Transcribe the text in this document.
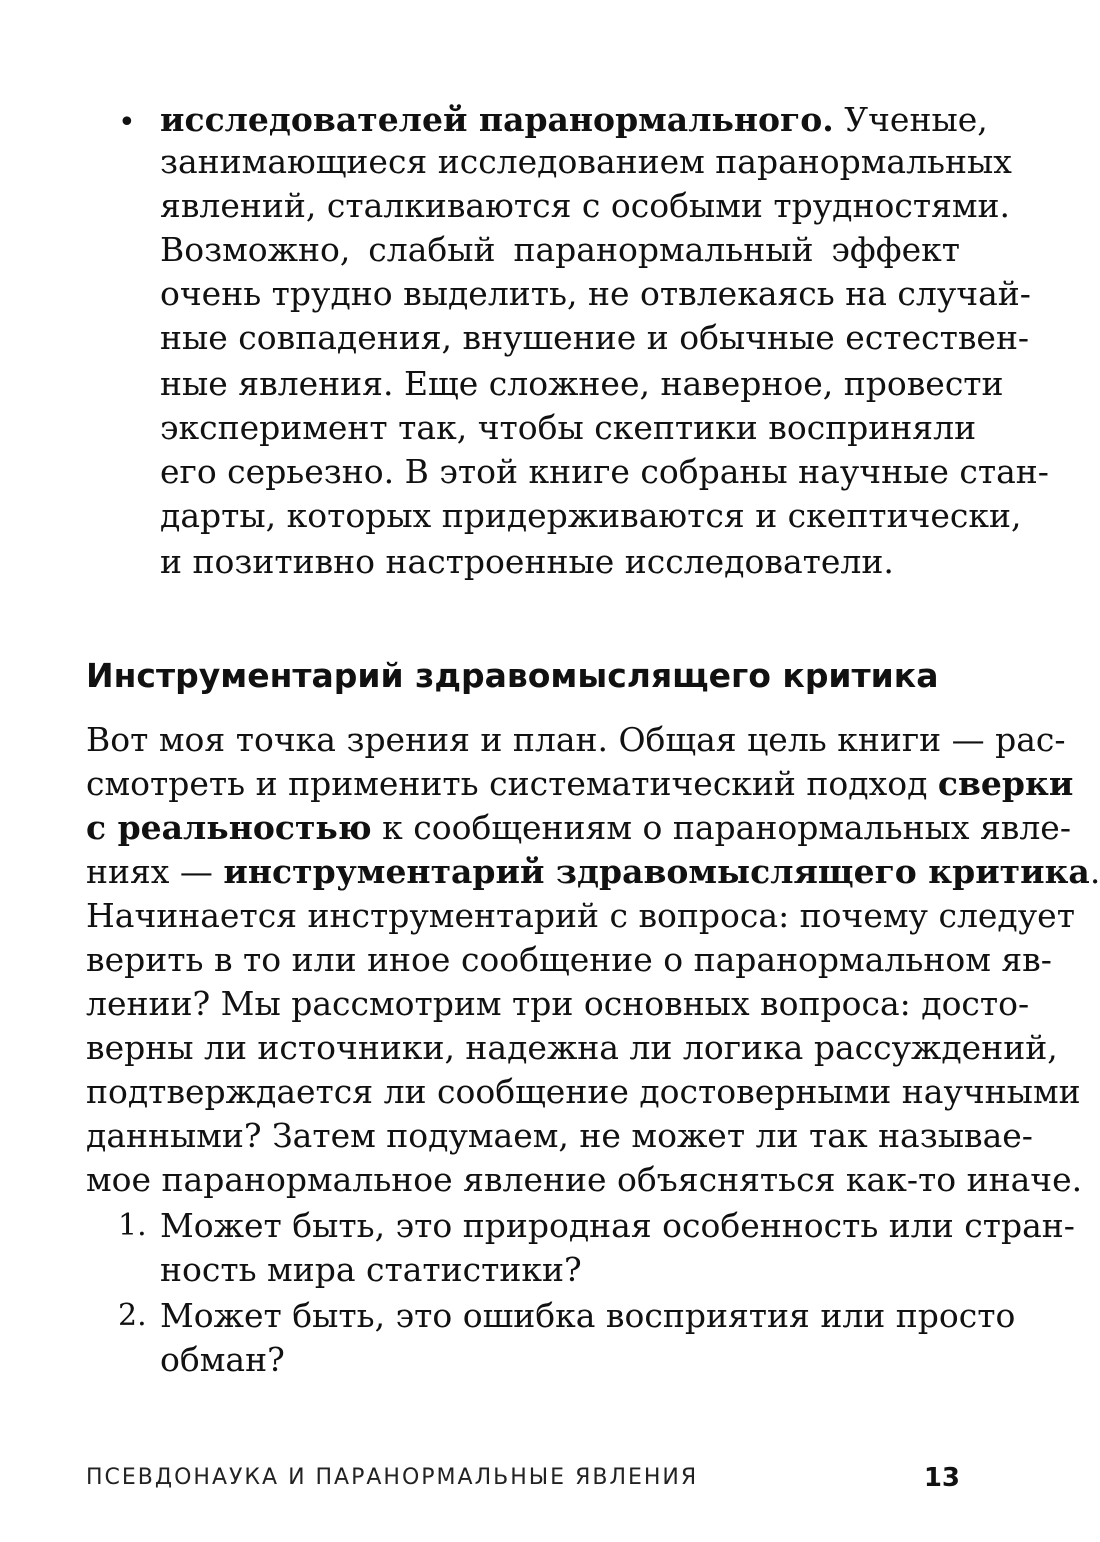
• исследователей паранормального. Ученые,

занимающиеся исследованием паранормальных

явлений, сталкиваются с особыми трудностями.

Возможно, слабый паранормальный эффект

очень трудно выделить, не отвлекаясь на случай-

ные совпадения, внушение и обычные естествен-

ные явления. Еще сложнее, наверное, провести

эксперимент так, чтобы скептики восприняли

его серьезно. В этой книге собраны научные стан-

дарты, которых придерживаются и скептически,

и позитивно настроенные исследователи.

Инструментарий здравомыслящего критика

Вот моя точка зрения и план. Общая цель книги — рас-

смотреть и применить систематический подход сверки

с реальностью к сообщениям о паранормальных явле-

ниях — инструментарий здравомыслящего критика.

Начинается инструментарий с вопроса: почему следует

верить в то или иное сообщение о паранормальном яв-

лении? Мы рассмотрим три основных вопроса: досто-

верны ли источники, надежна ли логика рассуждений,

подтверждается ли сообщение достоверными научными

данными? Затем подумаем, не может ли так называе-

мое паранормальное явление объясняться как-то иначе.

1. Может быть, это природная особенность или стран-

ность мира статистики?

2. Может быть, это ошибка восприятия или просто

обман?

ПСЕВДОНАУКА И ПАРАНОРМАЛЬНЫЕ ЯВЛЕНИЯ	13
